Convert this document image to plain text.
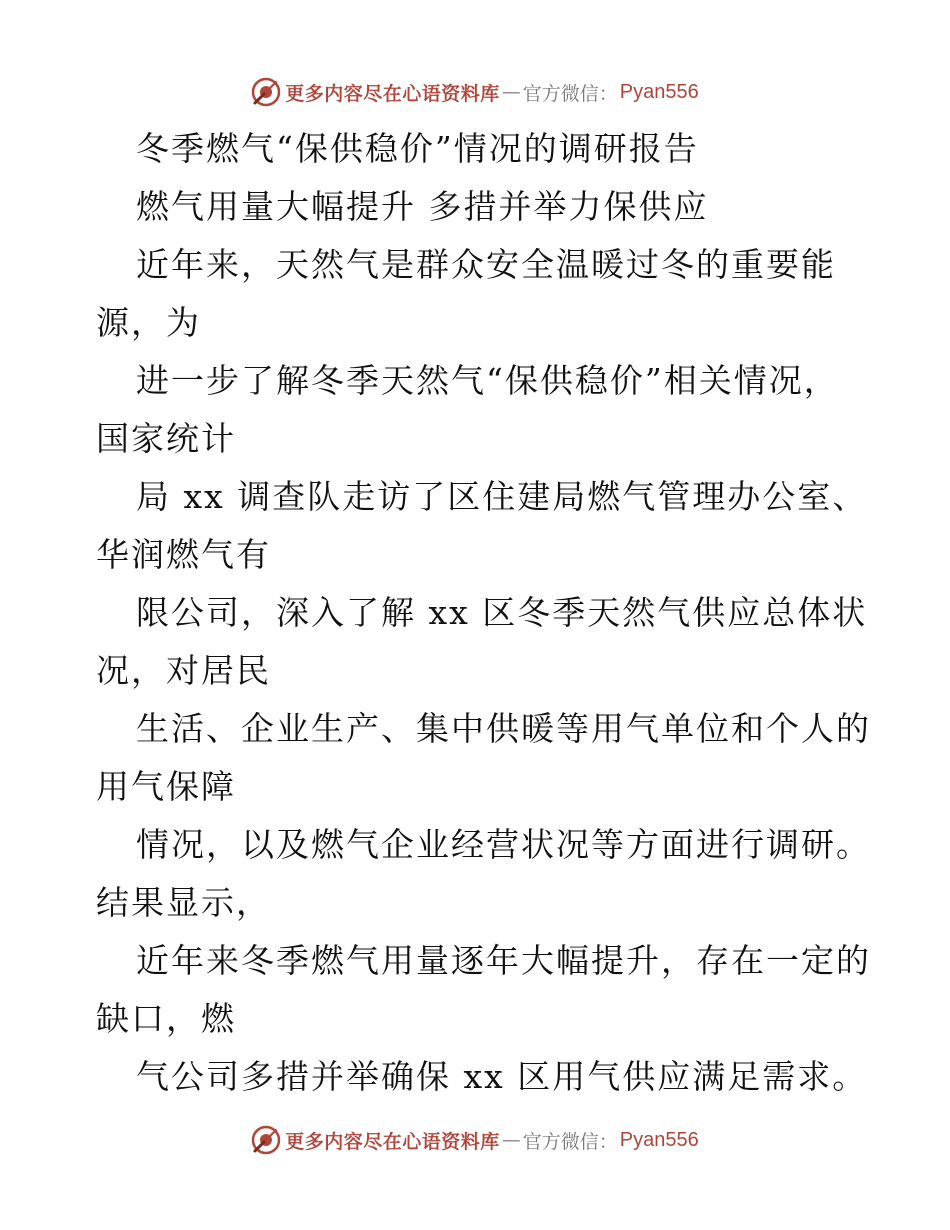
更多内容尽在心语资料库 — 官方微信： Pyan556
冬季燃气“保供稳价”情况的调研报告
燃气用量大幅提升 多措并举力保供应
近年来，天然气是群众安全温暖过冬的重要能
源，为
进一步了解冬季天然气“保供稳价”相关情况，
国家统计
局 xx 调查队走访了区住建局燃气管理办公室、
华润燃气有
限公司，深入了解 xx 区冬季天然气供应总体状
况，对居民
生活、企业生产、集中供暖等用气单位和个人的
用气保障
情况，以及燃气企业经营状况等方面进行调研。
结果显示，
近年来冬季燃气用量逐年大幅提升，存在一定的
缺口，燃
气公司多措并举确保 xx 区用气供应满足需求。
更多内容尽在心语资料库 — 官方微信： Pyan556
